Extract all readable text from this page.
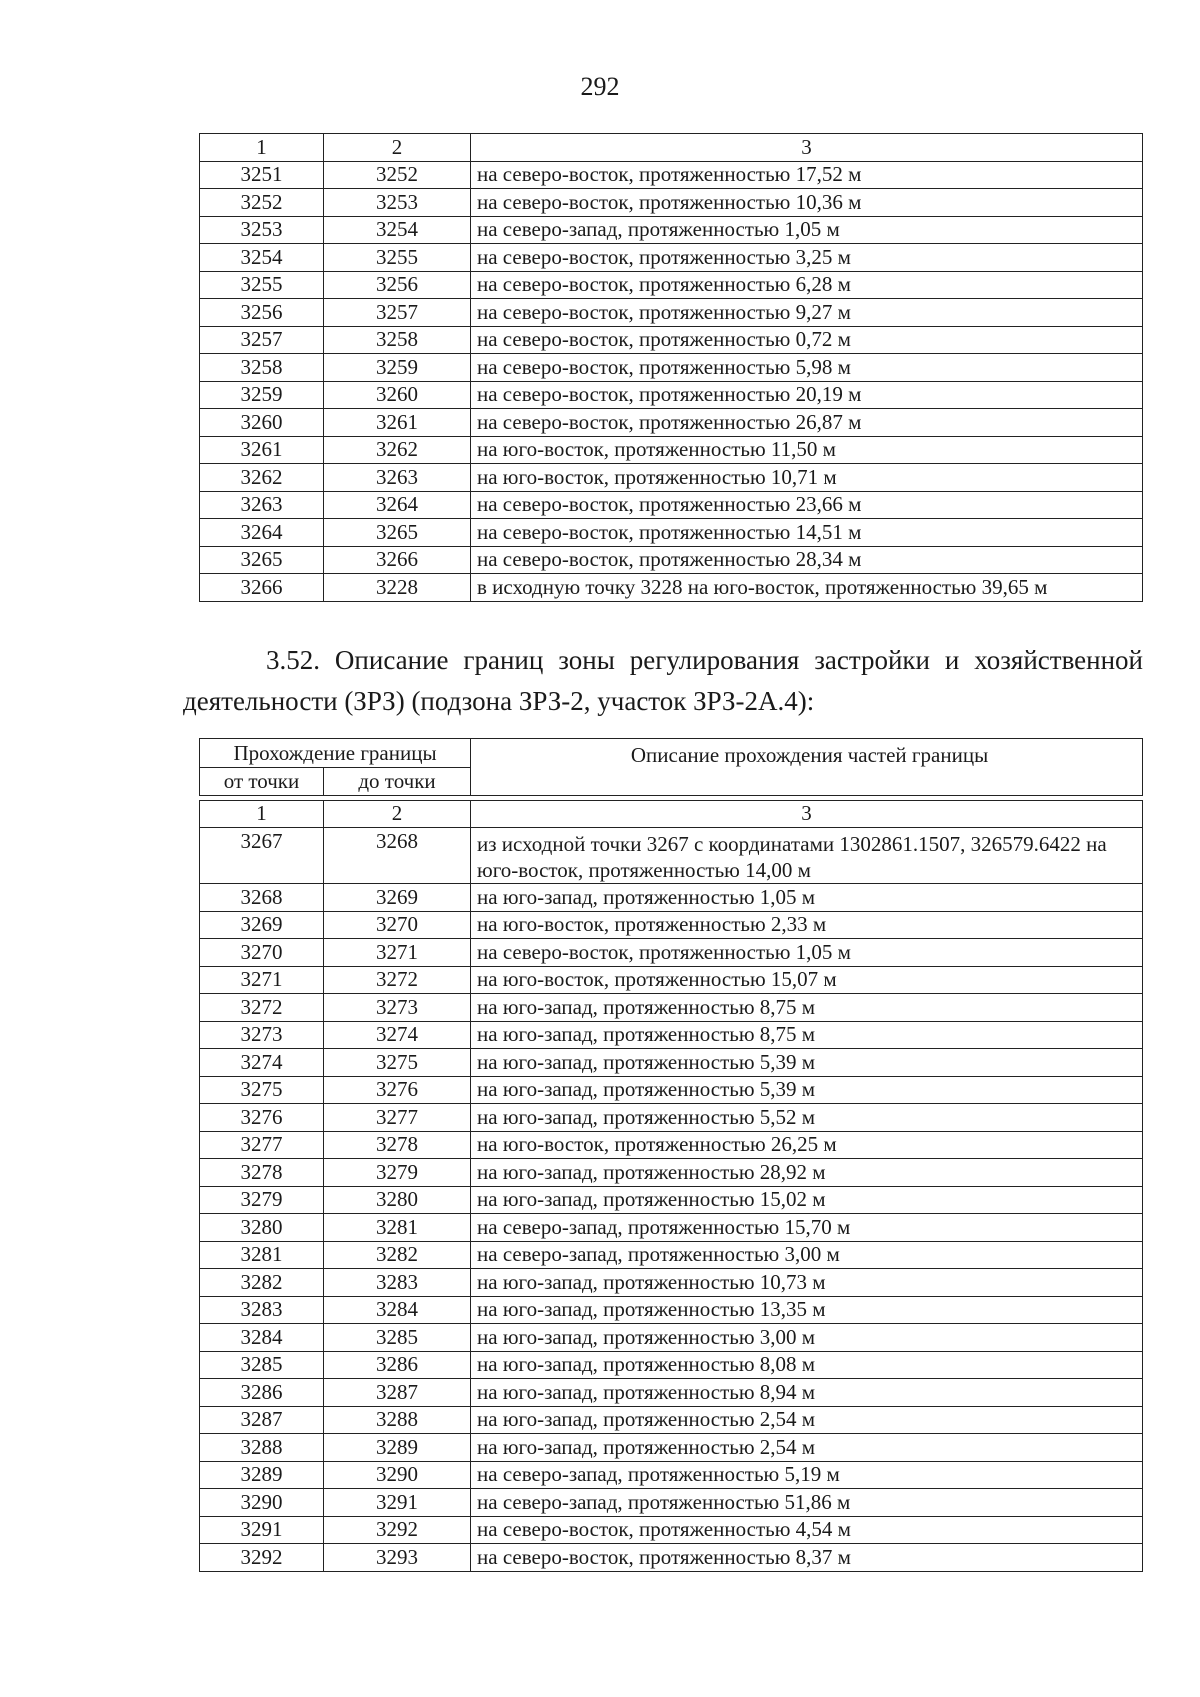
292
1	2	3
3251	3252	на северо-восток, протяженностью 17,52 м
3252	3253	на северо-восток, протяженностью 10,36 м
3253	3254	на северо-запад, протяженностью 1,05 м
3254	3255	на северо-восток, протяженностью 3,25 м
3255	3256	на северо-восток, протяженностью 6,28 м
3256	3257	на северо-восток, протяженностью 9,27 м
3257	3258	на северо-восток, протяженностью 0,72 м
3258	3259	на северо-восток, протяженностью 5,98 м
3259	3260	на северо-восток, протяженностью 20,19 м
3260	3261	на северо-восток, протяженностью 26,87 м
3261	3262	на юго-восток, протяженностью 11,50 м
3262	3263	на юго-восток, протяженностью 10,71 м
3263	3264	на северо-восток, протяженностью 23,66 м
3264	3265	на северо-восток, протяженностью 14,51 м
3265	3266	на северо-восток, протяженностью 28,34 м
3266	3228	в исходную точку 3228 на юго-восток, протяженностью 39,65 м
3.52. Описание границ зоны регулирования застройки и хозяйственной деятельности (ЗРЗ) (подзона ЗРЗ-2, участок ЗРЗ-2А.4):
Прохождение границы		Описание прохождения частей границы
от точки	до точки	

1	2	3
3267	3268	из исходной точки 3267 с координатами 1302861.1507, 326579.6422 на юго-восток, протяженностью 14,00 м
3268	3269	на юго-запад, протяженностью 1,05 м
3269	3270	на юго-восток, протяженностью 2,33 м
3270	3271	на северо-восток, протяженностью 1,05 м
3271	3272	на юго-восток, протяженностью 15,07 м
3272	3273	на юго-запад, протяженностью 8,75 м
3273	3274	на юго-запад, протяженностью 8,75 м
3274	3275	на юго-запад, протяженностью 5,39 м
3275	3276	на юго-запад, протяженностью 5,39 м
3276	3277	на юго-запад, протяженностью 5,52 м
3277	3278	на юго-восток, протяженностью 26,25 м
3278	3279	на юго-запад, протяженностью 28,92 м
3279	3280	на юго-запад, протяженностью 15,02 м
3280	3281	на северо-запад, протяженностью 15,70 м
3281	3282	на северо-запад, протяженностью 3,00 м
3282	3283	на юго-запад, протяженностью 10,73 м
3283	3284	на юго-запад, протяженностью 13,35 м
3284	3285	на юго-запад, протяженностью 3,00 м
3285	3286	на юго-запад, протяженностью 8,08 м
3286	3287	на юго-запад, протяженностью 8,94 м
3287	3288	на юго-запад, протяженностью 2,54 м
3288	3289	на юго-запад, протяженностью 2,54 м
3289	3290	на северо-запад, протяженностью 5,19 м
3290	3291	на северо-запад, протяженностью 51,86 м
3291	3292	на северо-восток, протяженностью 4,54 м
3292	3293	на северо-восток, протяженностью 8,37 м
